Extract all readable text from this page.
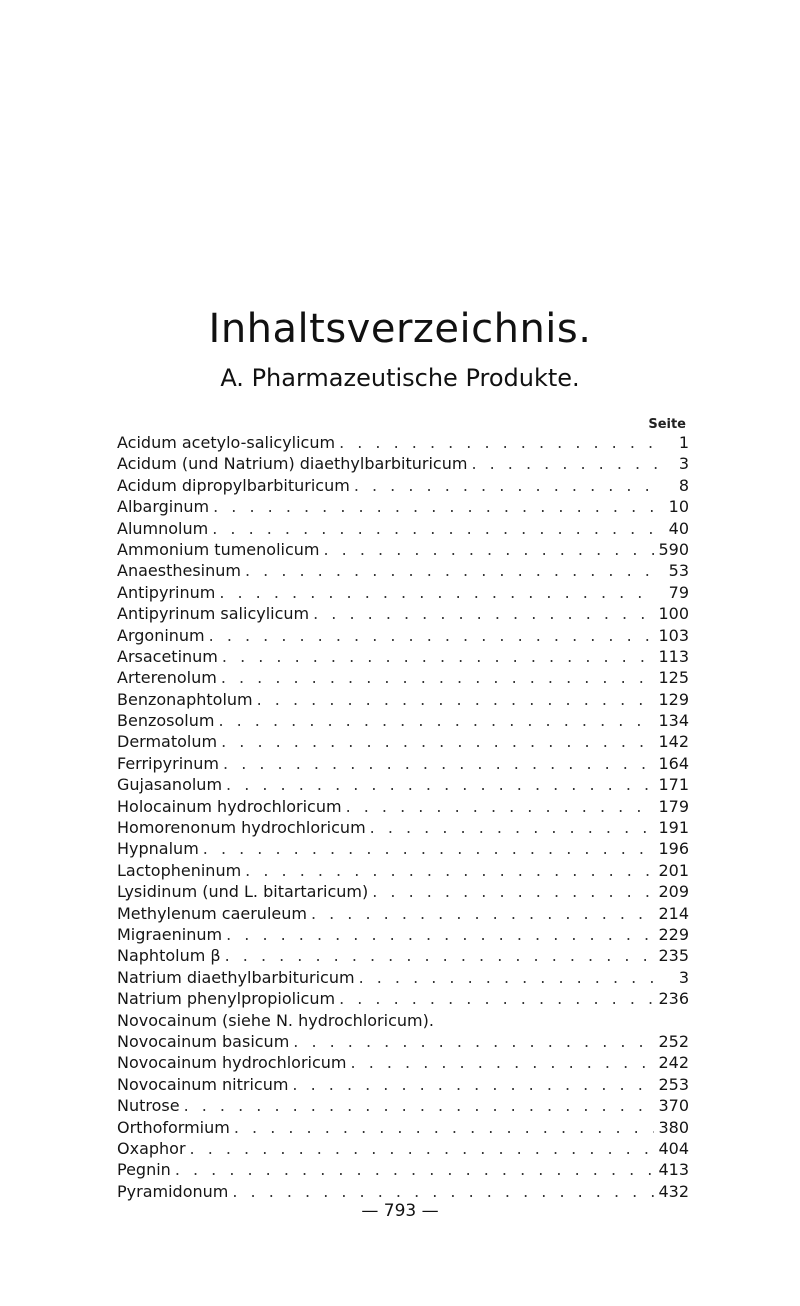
Inhaltsverzeichnis.
A. Pharmazeutische Produkte.
Seite
Acidum acetylo-salicylicum . . .	1
Acidum (und Natrium) diaethylbarbituricum . . .	3
Acidum dipropylbarbituricum . . .	8
Albarginum . . .	10
Alumnolum . . .	40
Ammonium tumenolicum . . .	590
Anaesthesinum . . .	53
Antipyrinum . . .	79
Antipyrinum salicylicum . . .	100
Argoninum . . .	103
Arsacetinum . . .	113
Arterenolum . . .	125
Benzonaphtolum . . .	129
Benzosolum . . .	134
Dermatolum . . .	142
Ferripyrinum . . .	164
Gujasanolum . . .	171
Holocainum hydrochloricum . . .	179
Homorenonum hydrochloricum . . .	191
Hypnalum . . .	196
Lactopheninum . . .	201
Lysidinum (und L. bitartaricum) . . .	209
Methylenum caeruleum . . .	214
Migraeninum . . .	229
Naphtolum β . . .	235
Natrium diaethylbarbituricum . . .	3
Natrium phenylpropiolicum . . .	236
Novocainum (siehe N. hydrochloricum).
Novocainum basicum . . .	252
Novocainum hydrochloricum . . .	242
Novocainum nitricum . . .	253
Nutrose . . .	370
Orthoformium . . .	380
Oxaphor . . .	404
Pegnin . . .	413
Pyramidonum . . .	432
— 793 —
